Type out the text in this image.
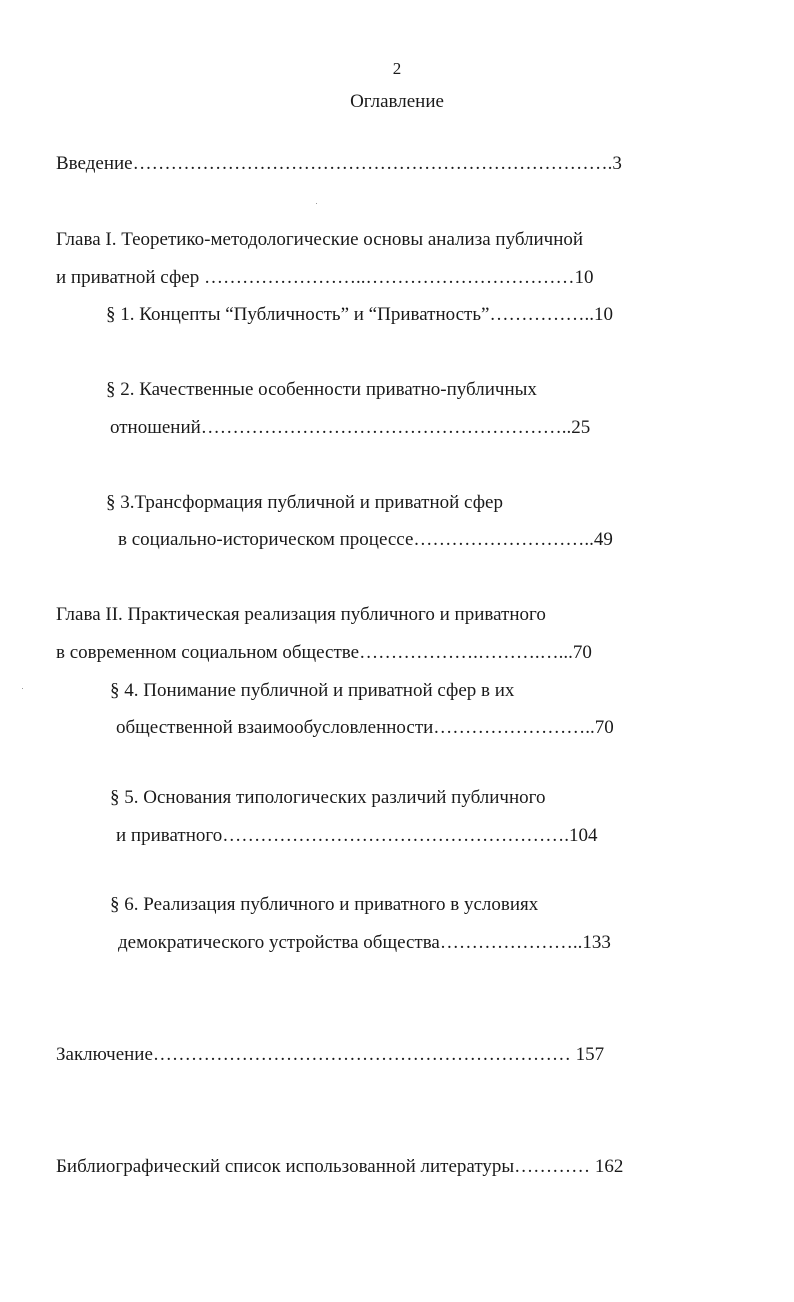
2
Оглавление
Введение………………………………………………………………….3
Глава I. Теоретико-методологические основы анализа публичной
и приватной сфер ……………………..……………………………10
§ 1. Концепты “Публичность” и “Приватность”……………..10
§ 2. Качественные особенности приватно-публичных
отношений…………………………………………………..25
§ 3.Трансформация публичной и приватной сфер
в социально-историческом процессе………………………..49
Глава II. Практическая реализация публичного и приватного
в современном социальном обществе……………….……….…...70
§ 4. Понимание публичной и приватной сфер в их
общественной взаимообусловленности……………………..70
§ 5. Основания типологических различий публичного
и приватного……………………………………………….104
§ 6. Реализация публичного и приватного в условиях
демократического устройства общества…………………..133
Заключение………………………………………………………… 157
Библиографический список использованной литературы………… 162
